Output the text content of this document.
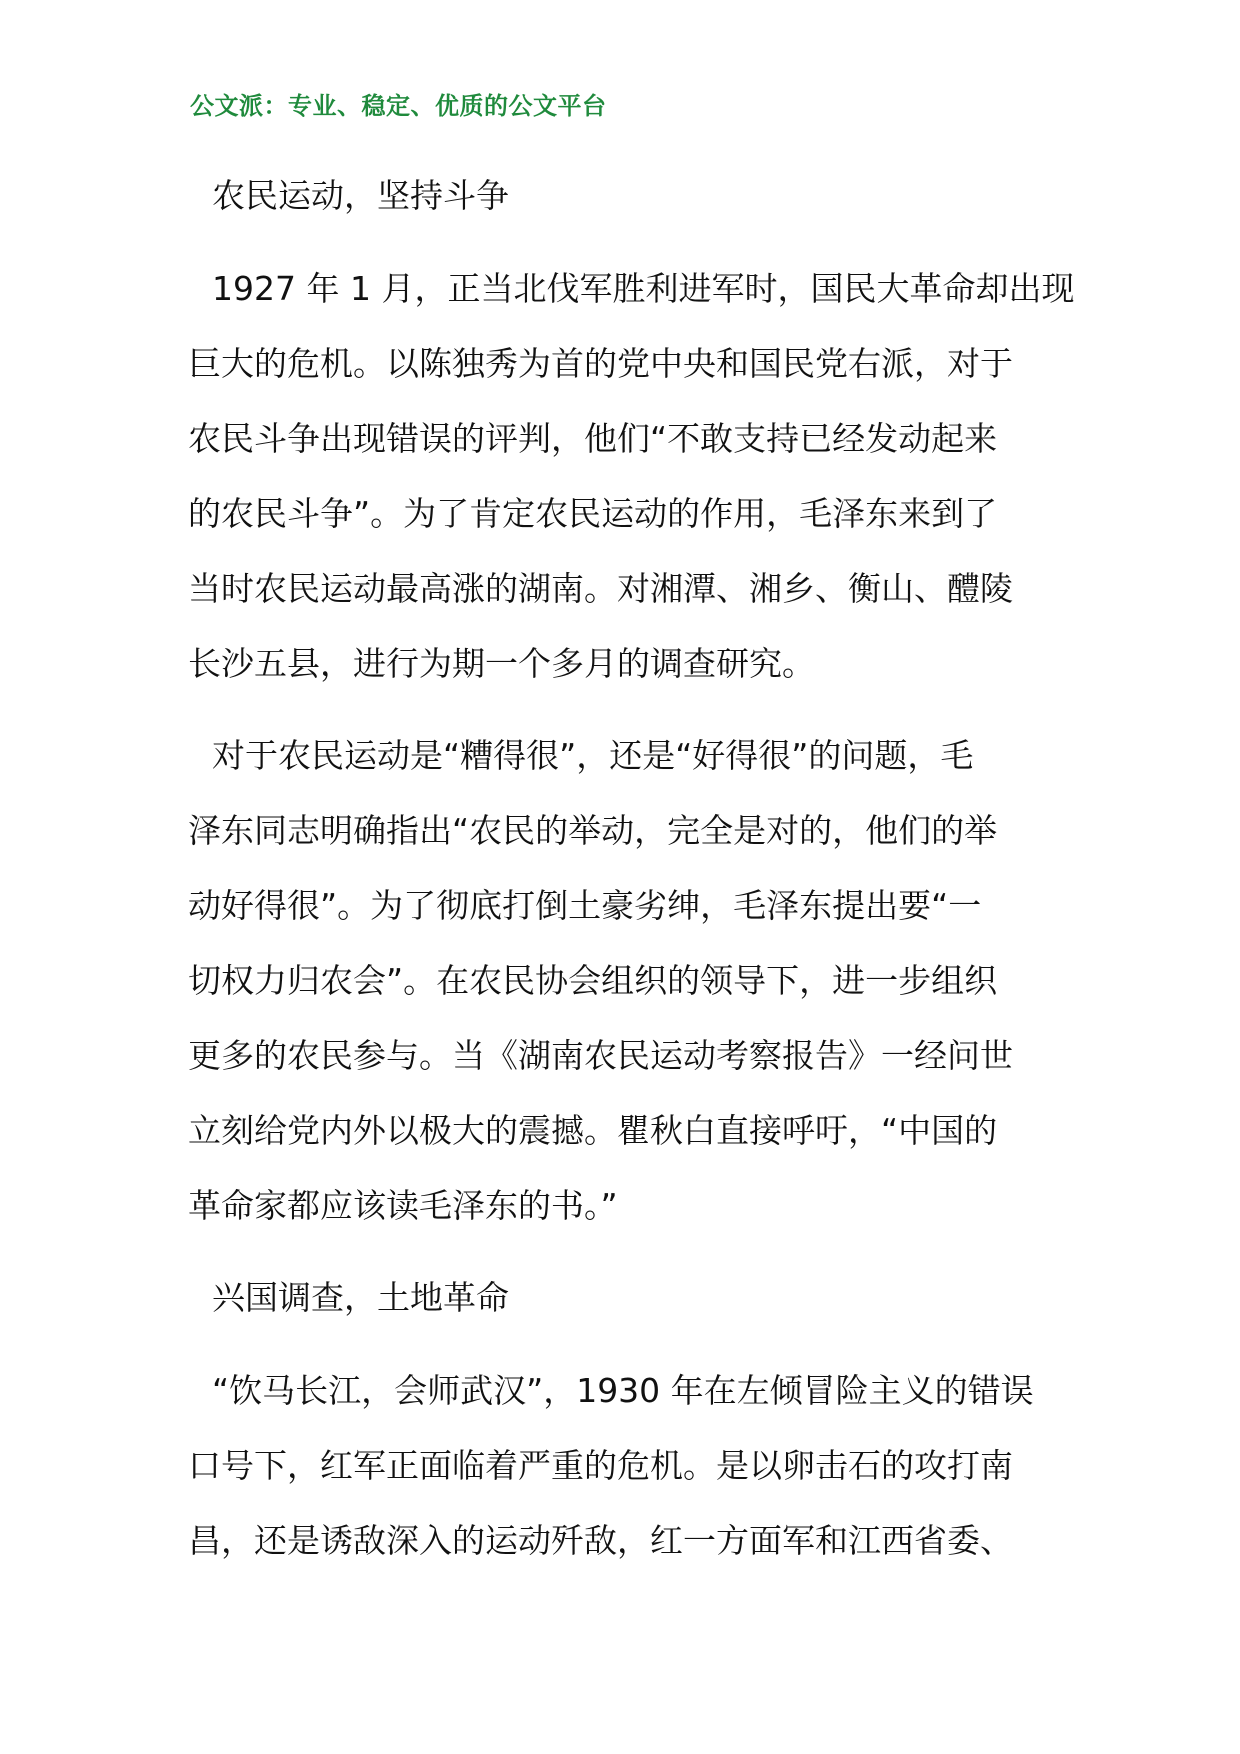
公文派：专业、稳定、优质的公文平台
农民运动，坚持斗争
1927 年 1 月，正当北伐军胜利进军时，国民大革命却出现
巨大的危机。以陈独秀为首的党中央和国民党右派，对于
农民斗争出现错误的评判，他们“不敢支持已经发动起来
的农民斗争”。为了肯定农民运动的作用，毛泽东来到了
当时农民运动最高涨的湖南。对湘潭、湘乡、衡山、醴陵
长沙五县，进行为期一个多月的调查研究。
对于农民运动是“糟得很”，还是“好得很”的问题，毛
泽东同志明确指出“农民的举动，完全是对的，他们的举
动好得很”。为了彻底打倒土豪劣绅，毛泽东提出要“一
切权力归农会”。在农民协会组织的领导下，进一步组织
更多的农民参与。当《湖南农民运动考察报告》一经问世
立刻给党内外以极大的震撼。瞿秋白直接呼吁，“中国的
革命家都应该读毛泽东的书。”
兴国调查，土地革命
“饮马长江，会师武汉”，1930 年在左倾冒险主义的错误
口号下，红军正面临着严重的危机。是以卵击石的攻打南
昌，还是诱敌深入的运动歼敌，红一方面军和江西省委、
